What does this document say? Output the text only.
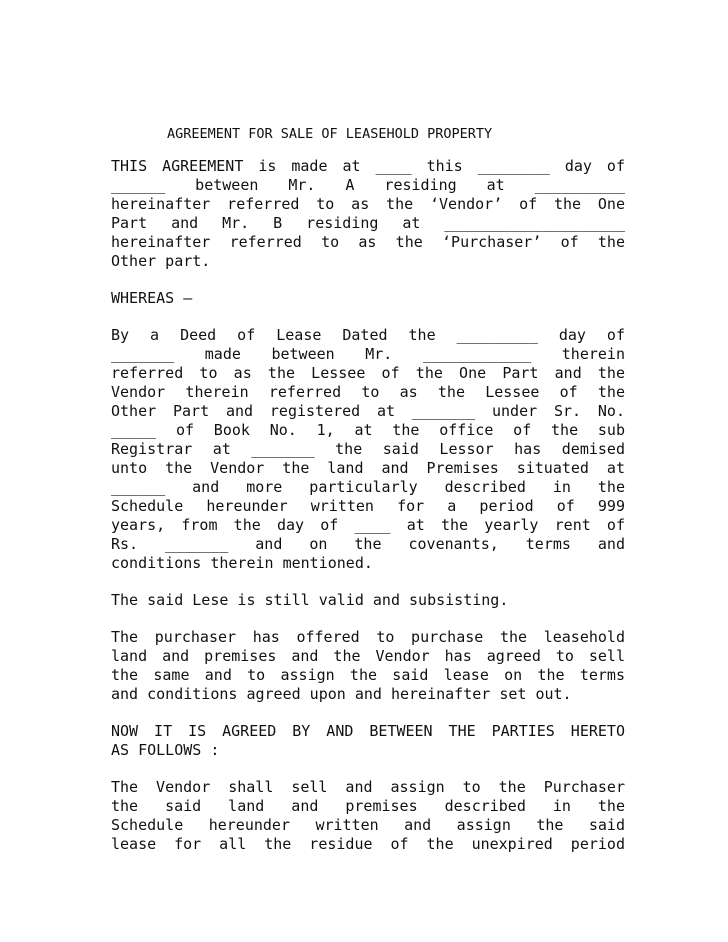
AGREEMENT FOR SALE OF LEASEHOLD PROPERTY
THIS AGREEMENT is made at ____ this ________ day of
______ between Mr. A residing at __________
hereinafter referred to as the ‘Vendor’ of the One
Part and Mr. B residing at ____________________
hereinafter referred to as the ‘Purchaser’ of the
Other part.
WHEREAS –
By a Deed of Lease Dated the _________ day of
_______ made between Mr. ____________ therein
referred to as the Lessee of the One Part and the
Vendor therein referred to as the Lessee of the
Other Part and registered at _______ under Sr. No.
_____ of Book No. 1, at the office of the sub
Registrar at _______ the said Lessor has demised
unto the Vendor the land and Premises situated at
______ and more particularly described in the
Schedule hereunder written for a period of 999
years, from the day of ____ at the yearly rent of
Rs. _______ and on the covenants, terms and
conditions therein mentioned.
The said Lese is still valid and subsisting.
The purchaser has offered to purchase the leasehold
land and premises and the Vendor has agreed to sell
the same and to assign the said lease on the terms
and conditions agreed upon and hereinafter set out.
NOW IT IS AGREED BY AND BETWEEN THE PARTIES HERETO
AS FOLLOWS :
The Vendor shall sell and assign to the Purchaser
the said land and premises described in the
Schedule hereunder written and assign the said
lease for all the residue of the unexpired period
